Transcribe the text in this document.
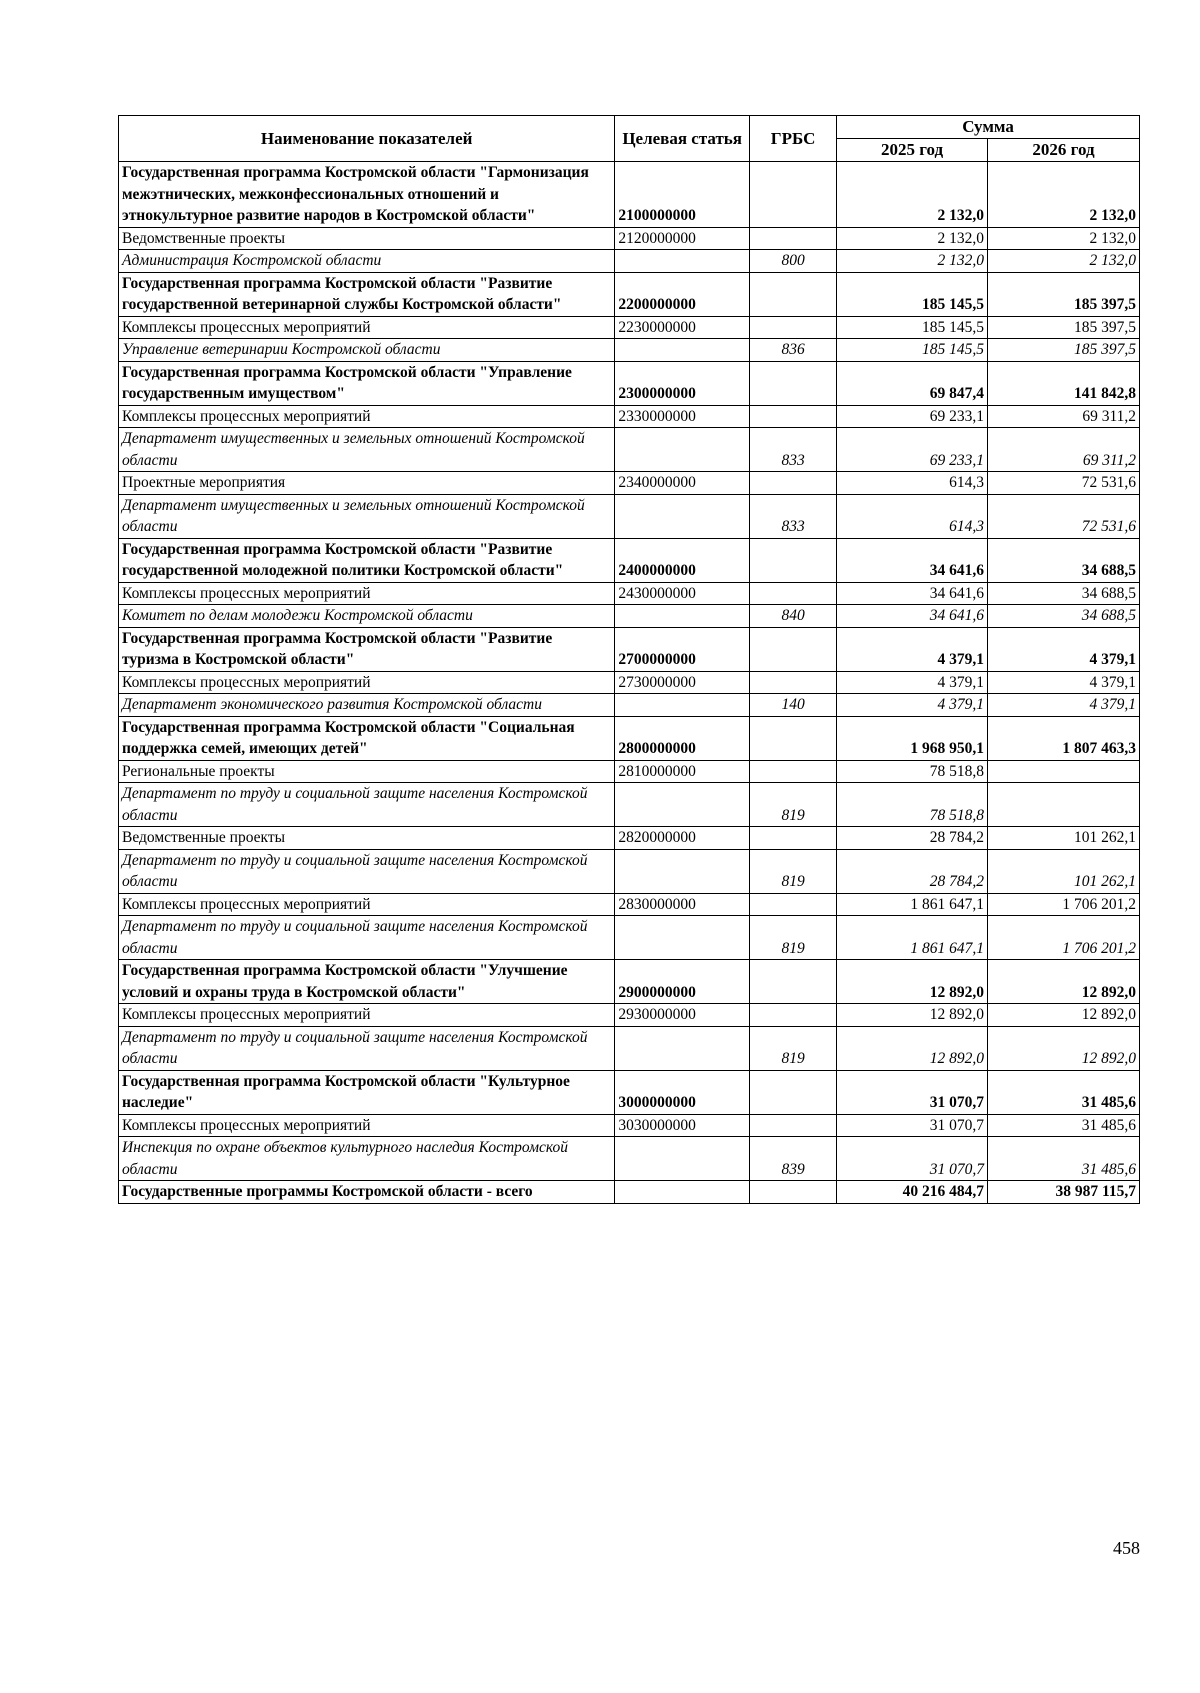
Наименование показателей	Целевая статья	ГРБС	Сумма	
			2025 год	2026 год
Государственная программа Костромской области "Гармонизация межэтнических, межконфессиональных отношений и этнокультурное развитие народов в Костромской области"	2100000000		2 132,0	2 132,0
Ведомственные проекты	2120000000		2 132,0	2 132,0
Администрация Костромской области		800	2 132,0	2 132,0
Государственная программа Костромской области "Развитие государственной ветеринарной службы Костромской области"	2200000000		185 145,5	185 397,5
Комплексы процессных мероприятий	2230000000		185 145,5	185 397,5
Управление ветеринарии Костромской области		836	185 145,5	185 397,5
Государственная программа Костромской области "Управление государственным имуществом"	2300000000		69 847,4	141 842,8
Комплексы процессных мероприятий	2330000000		69 233,1	69 311,2
Департамент имущественных и земельных отношений Костромской области		833	69 233,1	69 311,2
Проектные мероприятия	2340000000		614,3	72 531,6
Департамент имущественных и земельных отношений Костромской области		833	614,3	72 531,6
Государственная программа Костромской области "Развитие государственной молодежной политики Костромской области"	2400000000		34 641,6	34 688,5
Комплексы процессных мероприятий	2430000000		34 641,6	34 688,5
Комитет по делам молодежи Костромской области		840	34 641,6	34 688,5
Государственная программа Костромской области "Развитие туризма в Костромской области"	2700000000		4 379,1	4 379,1
Комплексы процессных мероприятий	2730000000		4 379,1	4 379,1
Департамент экономического развития Костромской области		140	4 379,1	4 379,1
Государственная программа Костромской области "Социальная поддержка семей, имеющих детей"	2800000000		1 968 950,1	1 807 463,3
Региональные проекты	2810000000		78 518,8	
Департамент по труду и социальной защите населения Костромской области		819	78 518,8	
Ведомственные проекты	2820000000		28 784,2	101 262,1
Департамент по труду и социальной защите населения Костромской области		819	28 784,2	101 262,1
Комплексы процессных мероприятий	2830000000		1 861 647,1	1 706 201,2
Департамент по труду и социальной защите населения Костромской области		819	1 861 647,1	1 706 201,2
Государственная программа Костромской области "Улучшение условий и охраны труда в Костромской области"	2900000000		12 892,0	12 892,0
Комплексы процессных мероприятий	2930000000		12 892,0	12 892,0
Департамент по труду и социальной защите населения Костромской области		819	12 892,0	12 892,0
Государственная программа Костромской области "Культурное наследие"	3000000000		31 070,7	31 485,6
Комплексы процессных мероприятий	3030000000		31 070,7	31 485,6
Инспекция по охране объектов культурного наследия Костромской области		839	31 070,7	31 485,6
Государственные программы Костромской области - всего			40 216 484,7	38 987 115,7
458
